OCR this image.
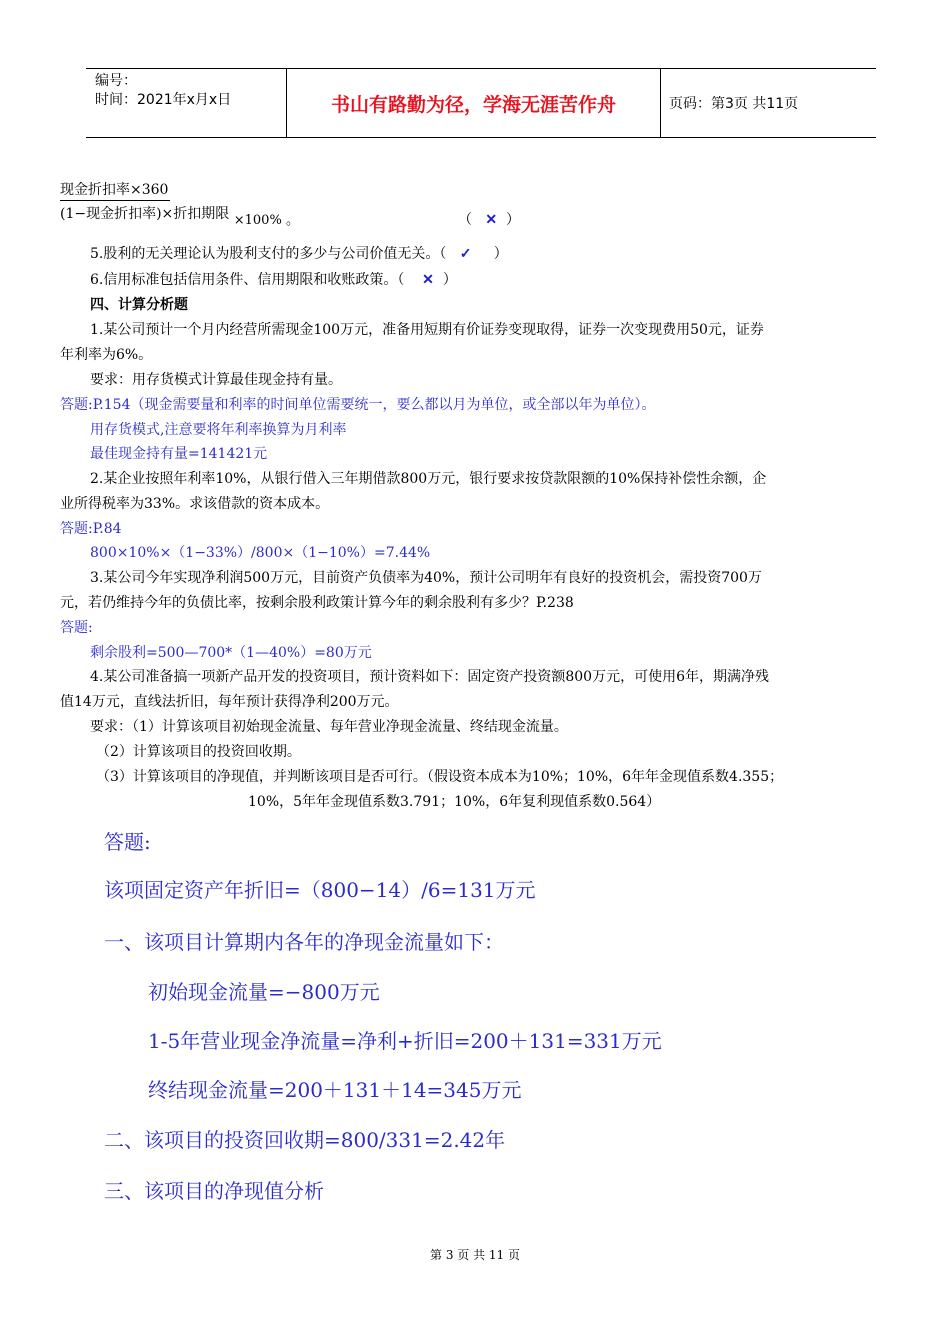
编号：
时间：2021年x月x日	书山有路勤为径，学海无涯苦作舟	页码：第3页 共11页
现金折扣率×360
(1−现金折扣率)×折扣期限 ×100% 。	（ ✕ ）
5.股利的无关理论认为股利支付的多少与公司价值无关。（ ✓ ）
6.信用标准包括信用条件、信用期限和收账政策。（ ✕ ）
四、计算分析题
1.某公司预计一个月内经营所需现金100万元，准备用短期有价证券变现取得，证券一次变现费用50元，证券
年利率为6%。
要求：用存货模式计算最佳现金持有量。
答题:P.154（现金需要量和利率的时间单位需要统一，要么都以月为单位，或全部以年为单位）。
用存货模式,注意要将年利率换算为月利率
最佳现金持有量=141421元
2.某企业按照年利率10%，从银行借入三年期借款800万元，银行要求按贷款限额的10%保持补偿性余额，企
业所得税率为33%。求该借款的资本成本。
答题:P.84
800×10%×（1−33%）/800×（1−10%）=7.44%
3.某公司今年实现净利润500万元，目前资产负债率为40%，预计公司明年有良好的投资机会，需投资700万
元，若仍维持今年的负债比率，按剩余股利政策计算今年的剩余股利有多少？P.238
答题:
剩余股利=500—700*（1—40%）=80万元
4.某公司准备搞一项新产品开发的投资项目，预计资料如下：固定资产投资额800万元，可使用6年，期满净残
值14万元，直线法折旧，每年预计获得净利200万元。
要求：（1）计算该项目初始现金流量、每年营业净现金流量、终结现金流量。
（2）计算该项目的投资回收期。
（3）计算该项目的净现值，并判断该项目是否可行。（假设资本成本为10%；10%，6年年金现值系数4.355；
10%，5年年金现值系数3.791；10%，6年复利现值系数0.564）
答题:
该项固定资产年折旧=（800−14）/6=131万元
一、该项目计算期内各年的净现金流量如下：
初始现金流量=−800万元
1-5年营业现金净流量=净利+折旧=200＋131=331万元
终结现金流量=200＋131＋14=345万元
二、该项目的投资回收期=800/331=2.42年
三、该项目的净现值分析
第 3 页 共 11 页
